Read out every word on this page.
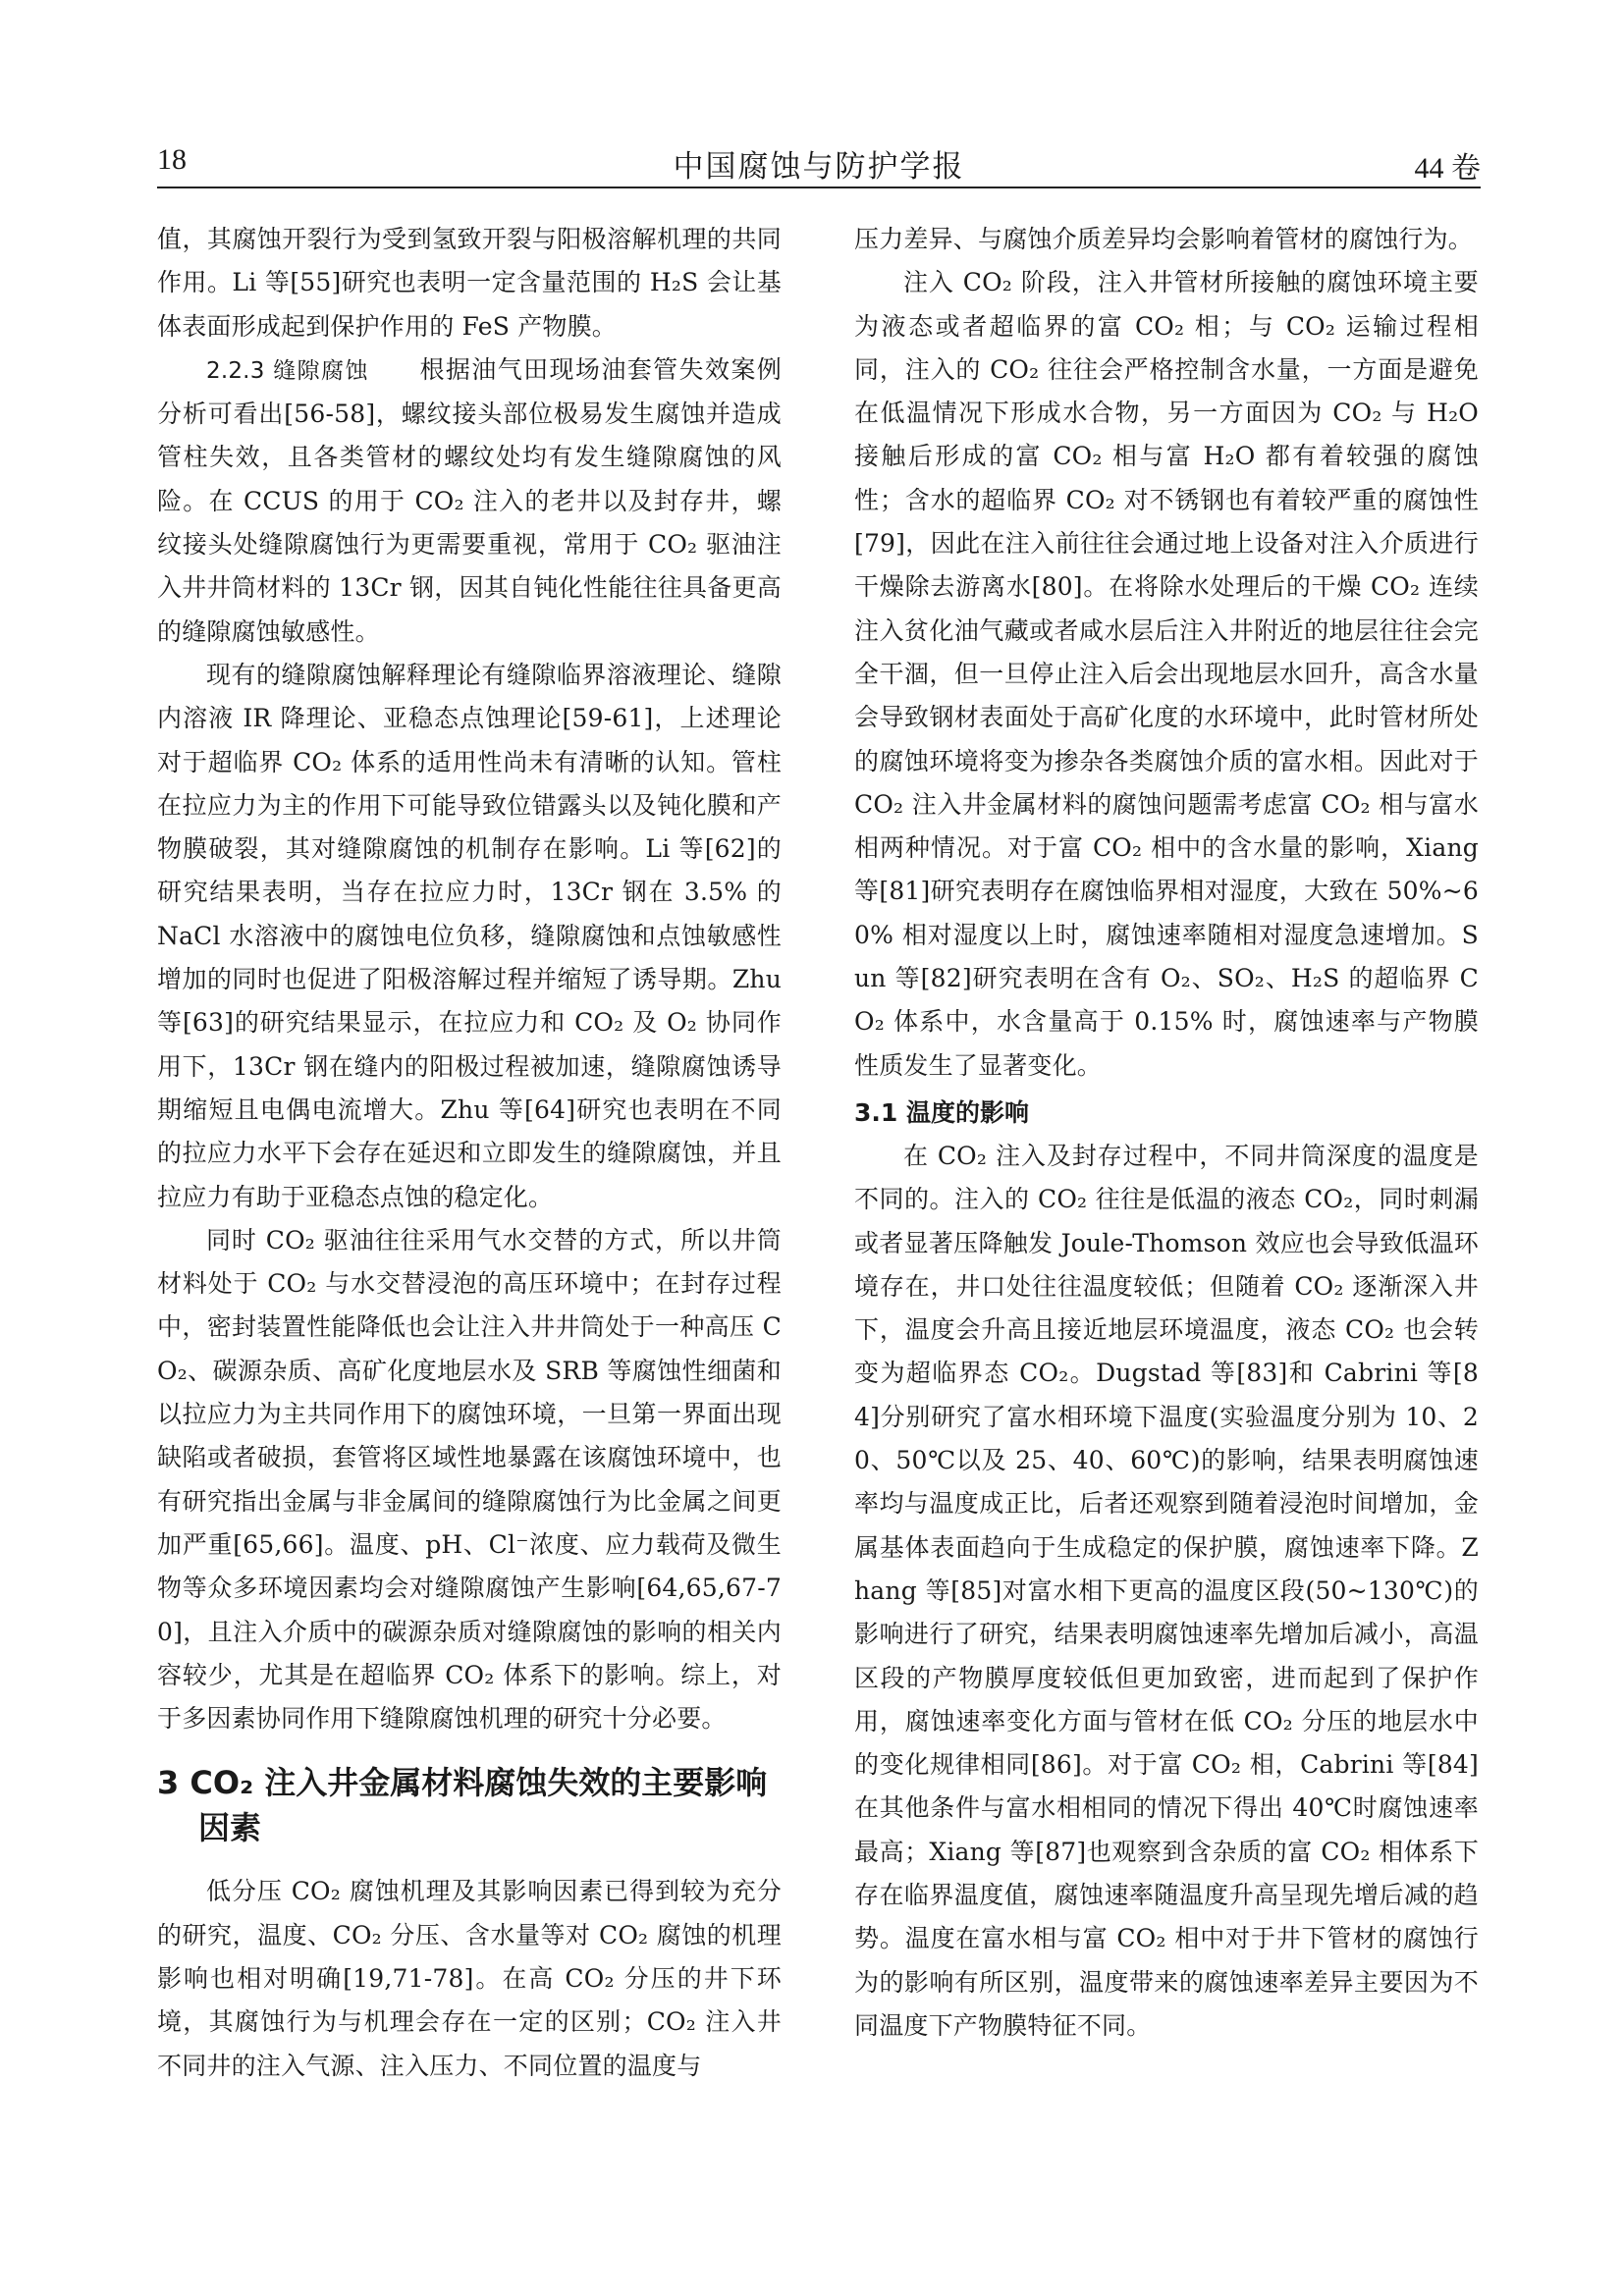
18	中国腐蚀与防护学报	44 卷

值，其腐蚀开裂行为受到氢致开裂与阳极溶解机理的共同作用。Li 等[55]研究也表明一定含量范围的 H₂S 会让基体表面形成起到保护作用的 FeS 产物膜。

2.2.3 缝隙腐蚀   根据油气田现场油套管失效案例分析可看出[56-58]，螺纹接头部位极易发生腐蚀并造成管柱失效，且各类管材的螺纹处均有发生缝隙腐蚀的风险。在 CCUS 的用于 CO₂ 注入的老井以及封存井，螺纹接头处缝隙腐蚀行为更需要重视，常用于 CO₂ 驱油注入井井筒材料的 13Cr 钢，因其自钝化性能往往具备更高的缝隙腐蚀敏感性。

现有的缝隙腐蚀解释理论有缝隙临界溶液理论、缝隙内溶液 IR 降理论、亚稳态点蚀理论[59-61]，上述理论对于超临界 CO₂ 体系的适用性尚未有清晰的认知。管柱在拉应力为主的作用下可能导致位错露头以及钝化膜和产物膜破裂，其对缝隙腐蚀的机制存在影响。Li 等[62]的研究结果表明，当存在拉应力时，13Cr 钢在 3.5% 的 NaCl 水溶液中的腐蚀电位负移，缝隙腐蚀和点蚀敏感性增加的同时也促进了阳极溶解过程并缩短了诱导期。Zhu 等[63]的研究结果显示，在拉应力和 CO₂ 及 O₂ 协同作用下，13Cr 钢在缝内的阳极过程被加速，缝隙腐蚀诱导期缩短且电偶电流增大。Zhu 等[64]研究也表明在不同的拉应力水平下会存在延迟和立即发生的缝隙腐蚀，并且拉应力有助于亚稳态点蚀的稳定化。

同时 CO₂ 驱油往往采用气水交替的方式，所以井筒材料处于 CO₂ 与水交替浸泡的高压环境中；在封存过程中，密封装置性能降低也会让注入井井筒处于一种高压 CO₂、碳源杂质、高矿化度地层水及 SRB 等腐蚀性细菌和以拉应力为主共同作用下的腐蚀环境，一旦第一界面出现缺陷或者破损，套管将区域性地暴露在该腐蚀环境中，也有研究指出金属与非金属间的缝隙腐蚀行为比金属之间更加严重[65,66]。温度、pH、Cl⁻浓度、应力载荷及微生物等众多环境因素均会对缝隙腐蚀产生影响[64,65,67-70]，且注入介质中的碳源杂质对缝隙腐蚀的影响的相关内容较少，尤其是在超临界 CO₂ 体系下的影响。综上，对于多因素协同作用下缝隙腐蚀机理的研究十分必要。

3 CO₂ 注入井金属材料腐蚀失效的主要影响因素

低分压 CO₂ 腐蚀机理及其影响因素已得到较为充分的研究，温度、CO₂ 分压、含水量等对 CO₂ 腐蚀的机理影响也相对明确[19,71-78]。在高 CO₂ 分压的井下环境，其腐蚀行为与机理会存在一定的区别；CO₂ 注入井不同井的注入气源、注入压力、不同位置的温度与

压力差异、与腐蚀介质差异均会影响着管材的腐蚀行为。

注入 CO₂ 阶段，注入井管材所接触的腐蚀环境主要为液态或者超临界的富 CO₂ 相；与 CO₂ 运输过程相同，注入的 CO₂ 往往会严格控制含水量，一方面是避免在低温情况下形成水合物，另一方面因为 CO₂ 与 H₂O 接触后形成的富 CO₂ 相与富 H₂O 都有着较强的腐蚀性；含水的超临界 CO₂ 对不锈钢也有着较严重的腐蚀性[79]，因此在注入前往往会通过地上设备对注入介质进行干燥除去游离水[80]。在将除水处理后的干燥 CO₂ 连续注入贫化油气藏或者咸水层后注入井附近的地层往往会完全干涸，但一旦停止注入后会出现地层水回升，高含水量会导致钢材表面处于高矿化度的水环境中，此时管材所处的腐蚀环境将变为掺杂各类腐蚀介质的富水相。因此对于 CO₂ 注入井金属材料的腐蚀问题需考虑富 CO₂ 相与富水相两种情况。对于富 CO₂ 相中的含水量的影响，Xiang 等[81]研究表明存在腐蚀临界相对湿度，大致在 50%~60% 相对湿度以上时，腐蚀速率随相对湿度急速增加。Sun 等[82]研究表明在含有 O₂、SO₂、H₂S 的超临界 CO₂ 体系中，水含量高于 0.15% 时，腐蚀速率与产物膜性质发生了显著变化。

3.1 温度的影响

在 CO₂ 注入及封存过程中，不同井筒深度的温度是不同的。注入的 CO₂ 往往是低温的液态 CO₂，同时刺漏或者显著压降触发 Joule-Thomson 效应也会导致低温环境存在，井口处往往温度较低；但随着 CO₂ 逐渐深入井下，温度会升高且接近地层环境温度，液态 CO₂ 也会转变为超临界态 CO₂。Dugstad 等[83]和 Cabrini 等[84]分别研究了富水相环境下温度(实验温度分别为 10、20、50℃以及 25、40、60℃)的影响，结果表明腐蚀速率均与温度成正比，后者还观察到随着浸泡时间增加，金属基体表面趋向于生成稳定的保护膜，腐蚀速率下降。Zhang 等[85]对富水相下更高的温度区段(50~130℃)的影响进行了研究，结果表明腐蚀速率先增加后减小，高温区段的产物膜厚度较低但更加致密，进而起到了保护作用，腐蚀速率变化方面与管材在低 CO₂ 分压的地层水中的变化规律相同[86]。对于富 CO₂ 相，Cabrini 等[84]在其他条件与富水相相同的情况下得出 40℃时腐蚀速率最高；Xiang 等[87]也观察到含杂质的富 CO₂ 相体系下存在临界温度值，腐蚀速率随温度升高呈现先增后减的趋势。温度在富水相与富 CO₂ 相中对于井下管材的腐蚀行为的影响有所区别，温度带来的腐蚀速率差异主要因为不同温度下产物膜特征不同。
